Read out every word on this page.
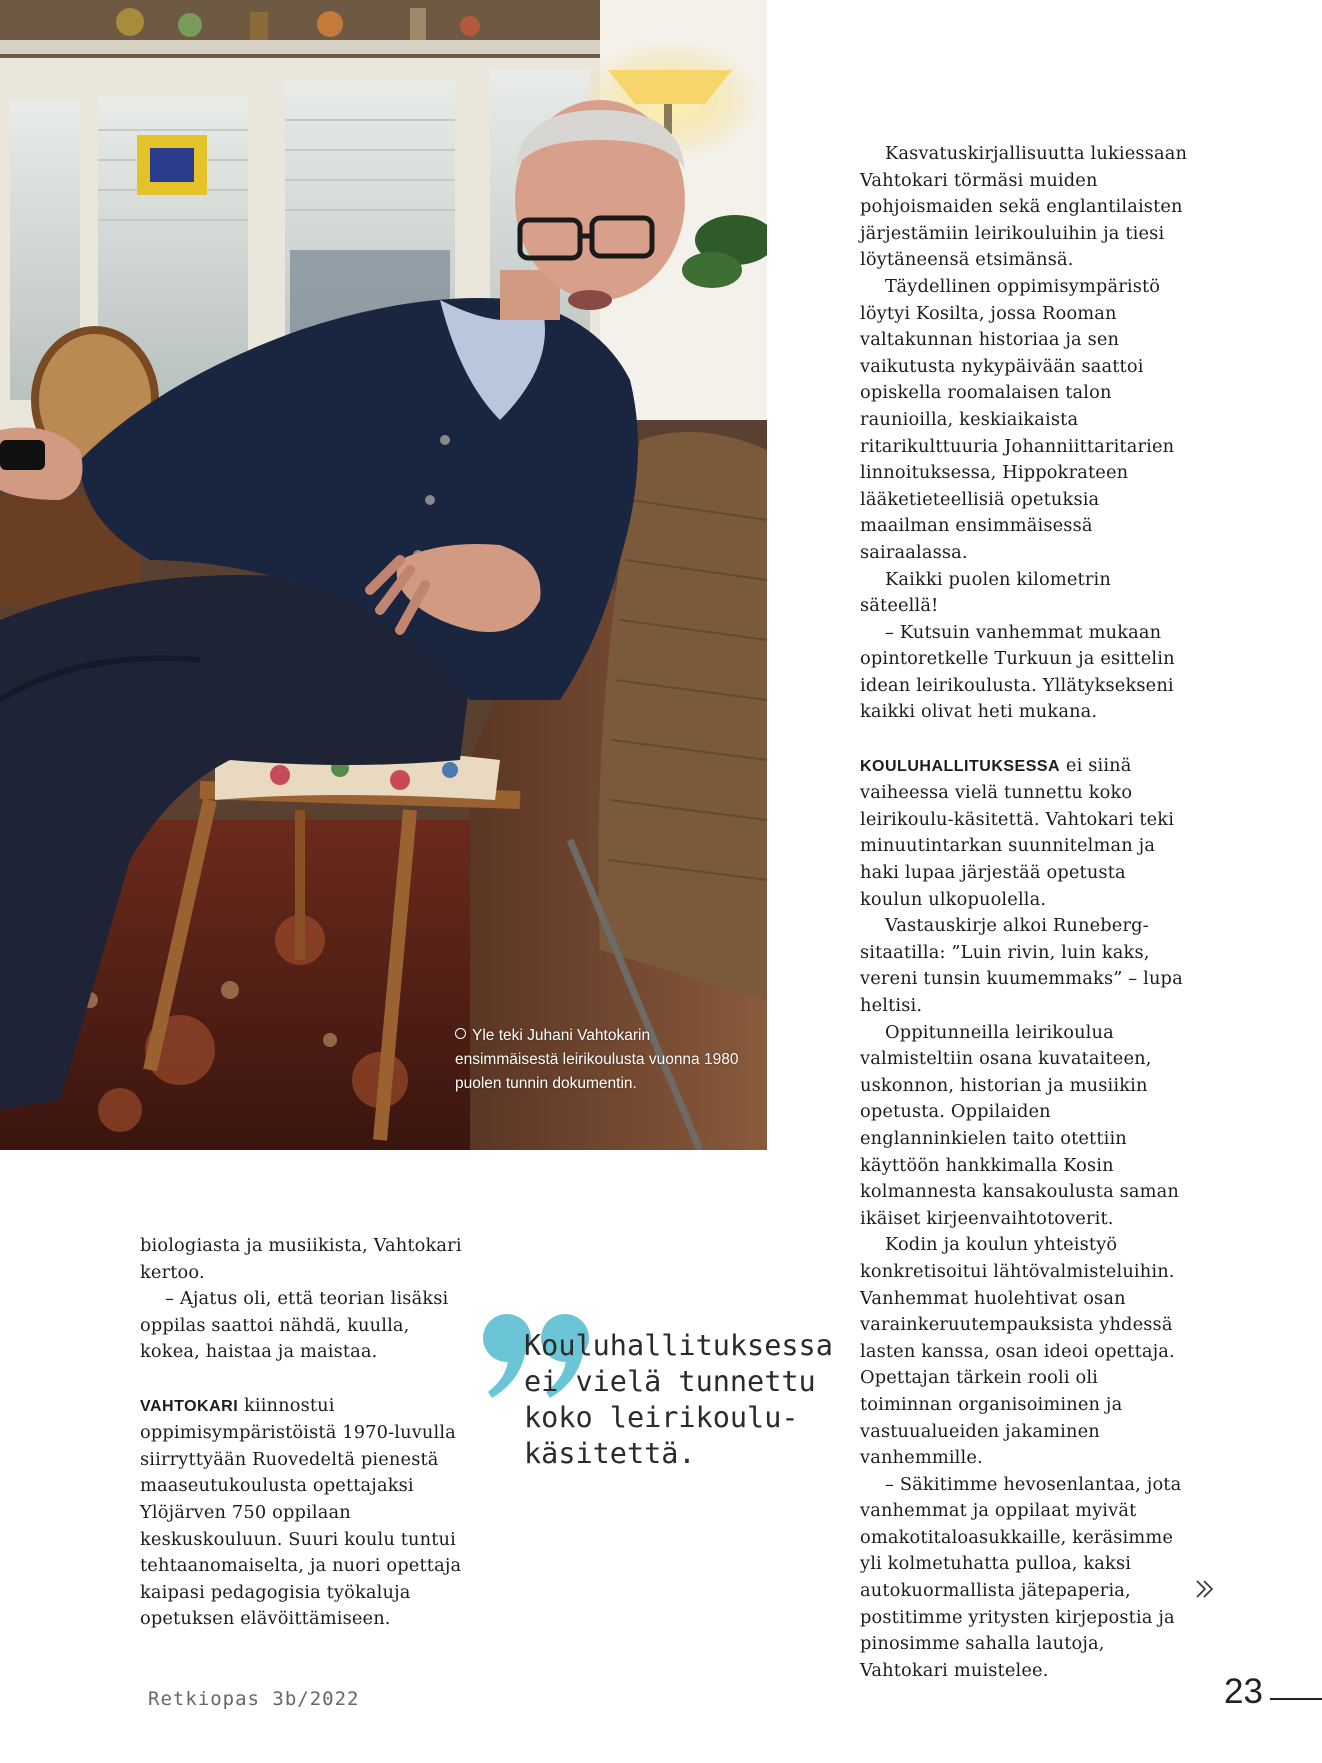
Yle teki Juhani Vahtokarin ensimmäisestä leirikoulusta vuonna 1980 puolen tunnin dokumentin.

Kasvatuskirjallisuutta lukiessaan Vahtokari törmäsi muiden pohjoismaiden sekä englantilaisten järjestämiin leirikouluihin ja tiesi löytäneensä etsimänsä.

Täydellinen oppimisympäristö löytyi Kosilta, jossa Rooman valtakunnan historiaa ja sen vaikutusta nykypäivään saattoi opiskella roomalaisen talon raunioilla, keskiaikaista ritarikulttuuria Johanniittaritarien linnoituksessa, Hippokrateen lääketieteellisiä opetuksia maailman ensimmäisessä sairaalassa.

Kaikki puolen kilometrin säteellä!

– Kutsuin vanhemmat mukaan opintoretkelle Turkuun ja esittelin idean leirikoulusta. Yllätyksekseni kaikki olivat heti mukana.

KOULUHALLITUKSESSA ei siinä vaiheessa vielä tunnettu koko leirikoulu-käsitettä. Vahtokari teki minuutintarkan suunnitelman ja haki lupaa järjestää opetusta koulun ulkopuolella.

Vastauskirje alkoi Runeberg-sitaatilla: ”Luin rivin, luin kaks, vereni tunsin kuumemmaks” – lupa heltisi.

Oppitunneilla leirikoulua valmisteltiin osana kuvataiteen, uskonnon, historian ja musiikin opetusta. Oppilaiden englanninkielen taito otettiin käyttöön hankkimalla Kosin kolmannesta kansakoulusta saman ikäiset kirjeenvaihtotoverit.

Kodin ja koulun yhteistyö konkretisoitui lähtövalmisteluihin. Vanhemmat huolehtivat osan varainkeruutempauksista yhdessä lasten kanssa, osan ideoi opettaja. Opettajan tärkein rooli oli toiminnan organisoiminen ja vastuualueiden jakaminen vanhemmille.

– Säkitimme hevosenlantaa, jota vanhemmat ja oppilaat myivät omakotitaloasukkaille, keräsimme yli kolmetuhatta pulloa, kaksi autokuormallista jätepaperia, postitimme yritysten kirjepostia ja pinosimme sahalla lautoja, Vahtokari muistelee.

biologiasta ja musiikista, Vahtokari kertoo.

– Ajatus oli, että teorian lisäksi oppilas saattoi nähdä, kuulla, kokea, haistaa ja maistaa.

VAHTOKARI kiinnostui oppimisympäristöistä 1970-luvulla siirryttyään Ruovedeltä pienestä maaseutukoulusta opettajaksi Ylöjärven 750 oppilaan keskuskouluun. Suuri koulu tuntui tehtaanomaiselta, ja nuori opettaja kaipasi pedagogisia työkaluja opetuksen elävöittämiseen.

Kouluhallituksessa
ei vielä tunnettu
koko leirikoulu-
käsitettä.
Retkiopas 3b/2022	23
